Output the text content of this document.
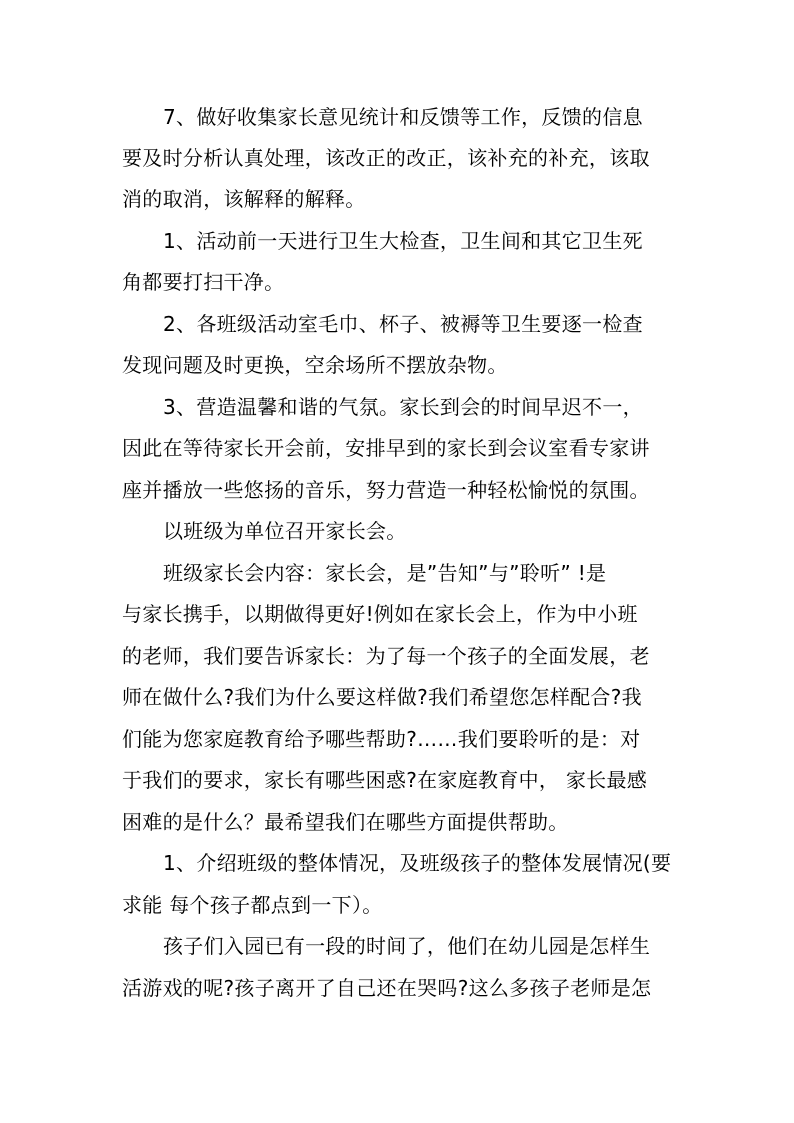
7、做好收集家长意见统计和反馈等工作，反馈的信息

要及时分析认真处理，该改正的改正，该补充的补充，该取

消的取消，该解释的解释。

1、活动前一天进行卫生大检查，卫生间和其它卫生死

角都要打扫干净。

2、各班级活动室毛巾、杯子、被褥等卫生要逐一检查

发现问题及时更换，空余场所不摆放杂物。

3、营造温馨和谐的气氛。家长到会的时间早迟不一，

因此在等待家长开会前，安排早到的家长到会议室看专家讲

座并播放一些悠扬的音乐，努力营造一种轻松愉悦的氛围。

以班级为单位召开家长会。

班级家长会内容：家长会，是”告知”与”聆听” !是

与家长携手，以期做得更好!例如在家长会上，作为中小班

的老师，我们要告诉家长：为了每一个孩子的全面发展，老

师在做什么?我们为什么要这样做?我们希望您怎样配合?我

们能为您家庭教育给予哪些帮助?……我们要聆听的是：对

于我们的要求，家长有哪些困惑?在家庭教育中， 家长最感

困难的是什么？最希望我们在哪些方面提供帮助。

1、介绍班级的整体情况，及班级孩子的整体发展情况(要

求能 每个孩子都点到一下）。

孩子们入园已有一段的时间了，他们在幼儿园是怎样生

活游戏的呢?孩子离开了自己还在哭吗?这么多孩子老师是怎
